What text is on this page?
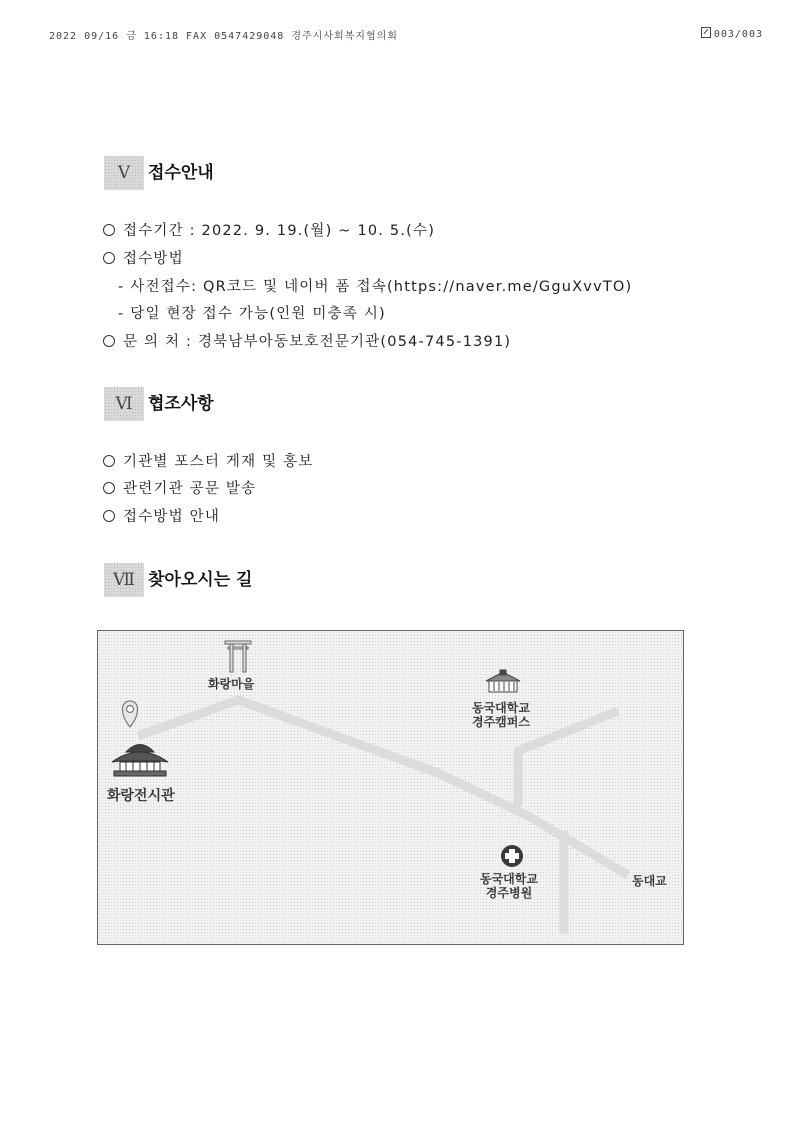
2022 09/16 금 16:18 FAX 0547429048 경주시사회복지협의회	003/003
V	접수안내
접수기간 : 2022. 9. 19.(월) ~ 10. 5.(수)
접수방법
- 사전접수: QR코드 및 네이버 폼 접속(https://naver.me/GguXvvTO)
- 당일 현장 접수 가능(인원 미충족 시)
문 의 처 : 경북남부아동보호전문기관(054-745-1391)
Ⅵ 협조사항
기관별 포스터 게재 및 홍보
관련기관 공문 발송
접수방법 안내
Ⅶ 찾아오시는 길
화랑마을
화랑전시관
동국대학교
경주캠퍼스
동국대학교
경주병원
동대교
